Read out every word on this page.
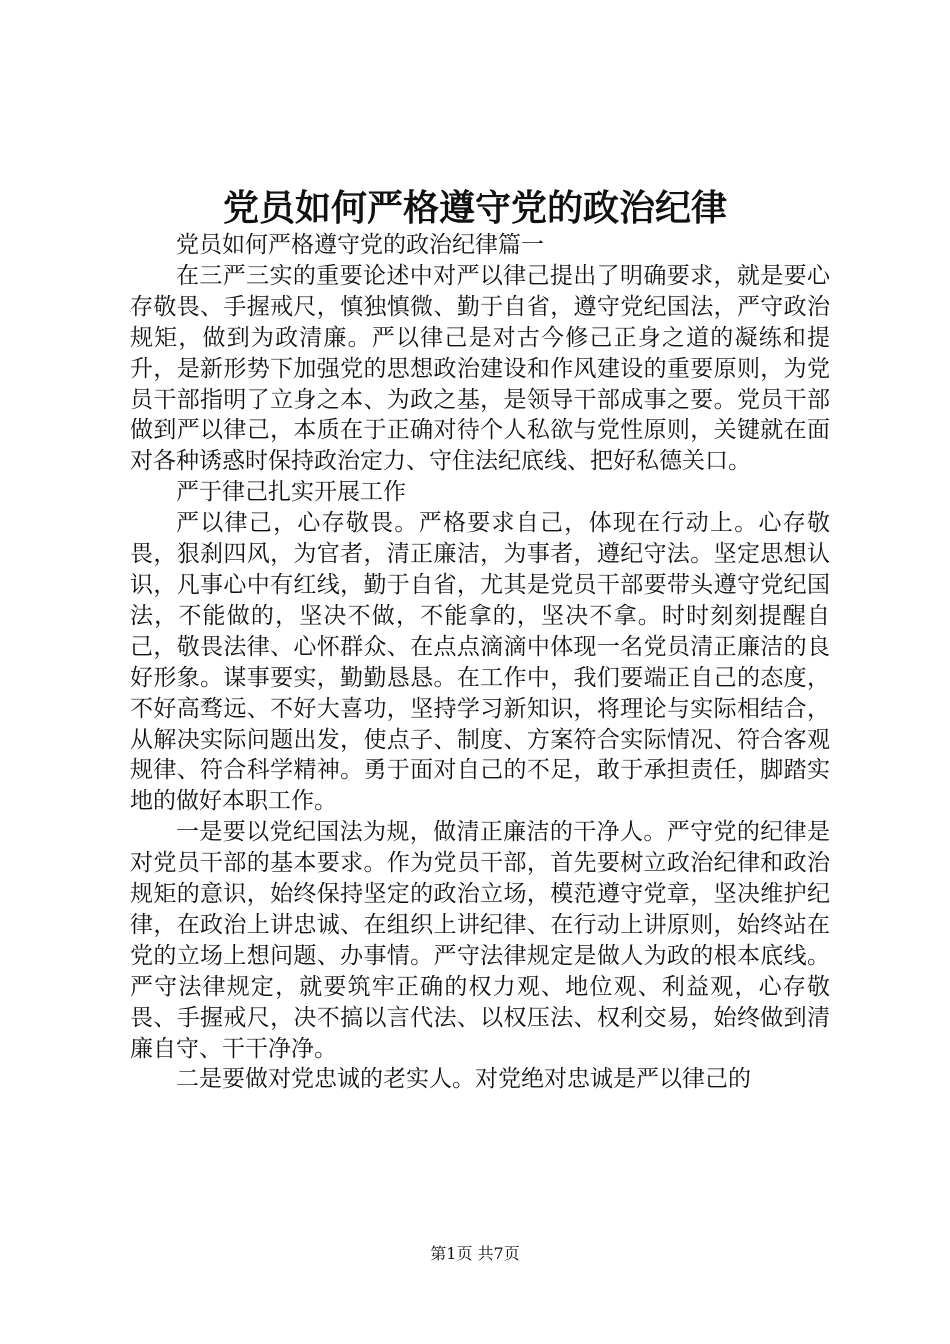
党员如何严格遵守党的政治纪律

党员如何严格遵守党的政治纪律篇一

在三严三实的重要论述中对严以律己提出了明确要求，就是要心存敬畏、手握戒尺，慎独慎微、勤于自省，遵守党纪国法，严守政治规矩，做到为政清廉。严以律己是对古今修己正身之道的凝练和提升，是新形势下加强党的思想政治建设和作风建设的重要原则，为党员干部指明了立身之本、为政之基，是领导干部成事之要。党员干部做到严以律己，本质在于正确对待个人私欲与党性原则，关键就在面对各种诱惑时保持政治定力、守住法纪底线、把好私德关口。

严于律己扎实开展工作

严以律己，心存敬畏。严格要求自己，体现在行动上。心存敬畏，狠刹四风，为官者，清正廉洁，为事者，遵纪守法。坚定思想认识，凡事心中有红线，勤于自省，尤其是党员干部要带头遵守党纪国法，不能做的，坚决不做，不能拿的，坚决不拿。时时刻刻提醒自己，敬畏法律、心怀群众、在点点滴滴中体现一名党员清正廉洁的良好形象。谋事要实，勤勤恳恳。在工作中，我们要端正自己的态度，不好高骛远、不好大喜功，坚持学习新知识，将理论与实际相结合，从解决实际问题出发，使点子、制度、方案符合实际情况、符合客观规律、符合科学精神。勇于面对自己的不足，敢于承担责任，脚踏实地的做好本职工作。

一是要以党纪国法为规，做清正廉洁的干净人。严守党的纪律是对党员干部的基本要求。作为党员干部，首先要树立政治纪律和政治规矩的意识，始终保持坚定的政治立场，模范遵守党章，坚决维护纪律，在政治上讲忠诚、在组织上讲纪律、在行动上讲原则，始终站在党的立场上想问题、办事情。严守法律规定是做人为政的根本底线。严守法律规定，就要筑牢正确的权力观、地位观、利益观，心存敬畏、手握戒尺，决不搞以言代法、以权压法、权利交易，始终做到清廉自守、干干净净。

二是要做对党忠诚的老实人。对党绝对忠诚是严以律己的

第1页 共7页
